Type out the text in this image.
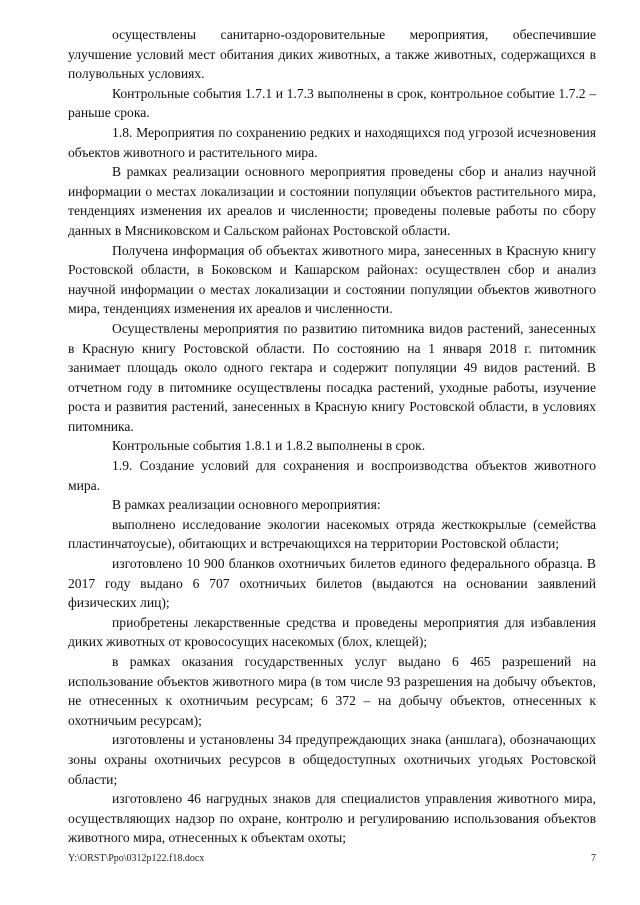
осуществлены санитарно-оздоровительные мероприятия, обеспечившие улучшение условий мест обитания диких животных, а также животных, содержащихся в полувольных условиях.

Контрольные события 1.7.1 и 1.7.3 выполнены в срок, контрольное событие 1.7.2 – раньше срока.

1.8. Мероприятия по сохранению редких и находящихся под угрозой исчезновения объектов животного и растительного мира.

В рамках реализации основного мероприятия проведены сбор и анализ научной информации о местах локализации и состоянии популяции объектов растительного мира, тенденциях изменения их ареалов и численности; проведены полевые работы по сбору данных в Мясниковском и Сальском районах Ростовской области.

Получена информация об объектах животного мира, занесенных в Красную книгу Ростовской области, в Боковском и Кашарском районах: осуществлен сбор и анализ научной информации о местах локализации и состоянии популяции объектов животного мира, тенденциях изменения их ареалов и численности.

Осуществлены мероприятия по развитию питомника видов растений, занесенных в Красную книгу Ростовской области. По состоянию на 1 января 2018 г. питомник занимает площадь около одного гектара и содержит популяции 49 видов растений. В отчетном году в питомнике осуществлены посадка растений, уходные работы, изучение роста и развития растений, занесенных в Красную книгу Ростовской области, в условиях питомника.

Контрольные события 1.8.1 и 1.8.2 выполнены в срок.

1.9. Создание условий для сохранения и воспроизводства объектов животного мира.

В рамках реализации основного мероприятия:

выполнено исследование экологии насекомых отряда жесткокрылые (семейства пластинчатоусые), обитающих и встречающихся на территории Ростовской области;

изготовлено 10 900 бланков охотничьих билетов единого федерального образца. В 2017 году выдано 6 707 охотничьих билетов (выдаются на основании заявлений физических лиц);

приобретены лекарственные средства и проведены мероприятия для избавления диких животных от кровососущих насекомых (блох, клещей);

в рамках оказания государственных услуг выдано 6 465 разрешений на использование объектов животного мира (в том числе 93 разрешения на добычу объектов, не отнесенных к охотничьим ресурсам; 6 372 – на добычу объектов, отнесенных к охотничьим ресурсам);

изготовлены и установлены 34 предупреждающих знака (аншлага), обозначающих зоны охраны охотничьих ресурсов в общедоступных охотничьих угодьях Ростовской области;

изготовлено 46 нагрудных знаков для специалистов управления животного мира, осуществляющих надзор по охране, контролю и регулированию использования объектов животного мира, отнесенных к объектам охоты;

Y:\ORST\Ppo\0312p122.f18.docx	7
